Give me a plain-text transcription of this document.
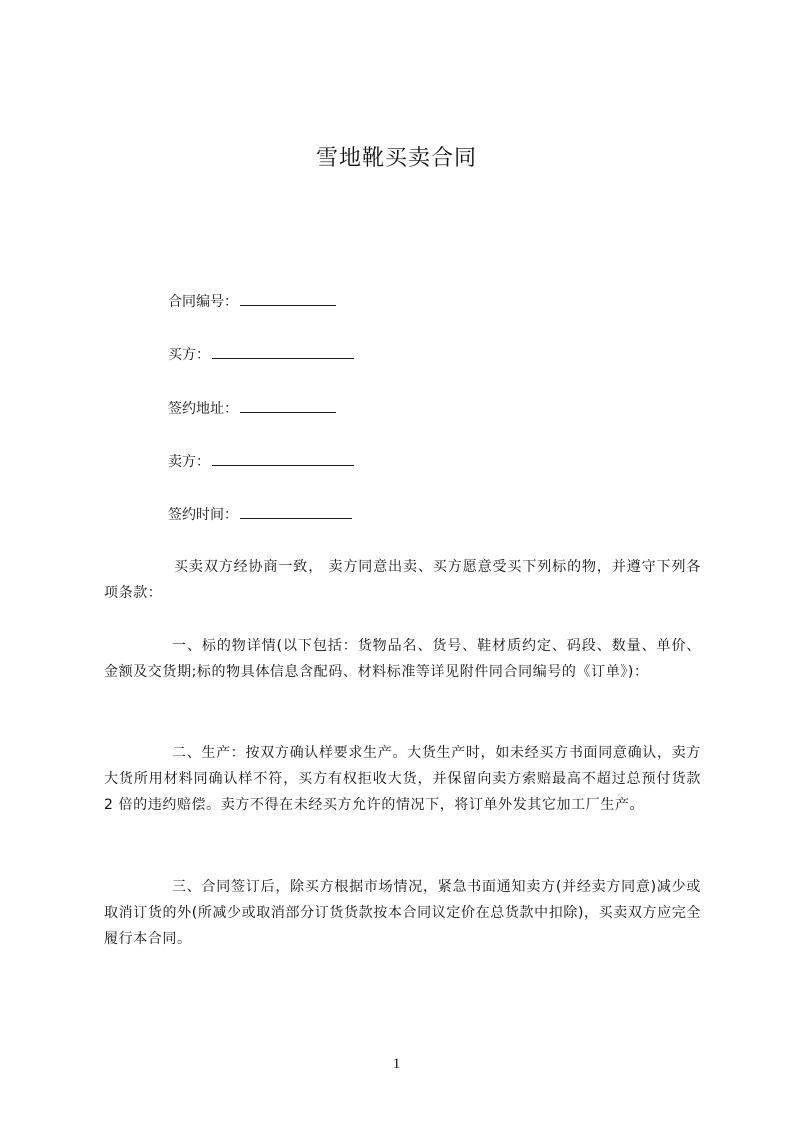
雪地靴买卖合同
合同编号：
买方：
签约地址：
卖方：
签约时间：
买卖双方经协商一致， 卖方同意出卖、买方愿意受买下列标的物，并遵守下列各项条款：
一、标的物详情(以下包括：货物品名、货号、鞋材质约定、码段、数量、单价、金额及交货期;标的物具体信息含配码、材料标准等详见附件同合同编号的《订单》)：
二、生产：按双方确认样要求生产。大货生产时，如未经买方书面同意确认，卖方大货所用材料同确认样不符，买方有权拒收大货，并保留向卖方索赔最高不超过总预付货款 2 倍的违约赔偿。卖方不得在未经买方允许的情况下，将订单外发其它加工厂生产。
三、合同签订后，除买方根据市场情况，紧急书面通知卖方(并经卖方同意)减少或取消订货的外(所减少或取消部分订货货款按本合同议定价在总货款中扣除)，买卖双方应完全履行本合同。
1
